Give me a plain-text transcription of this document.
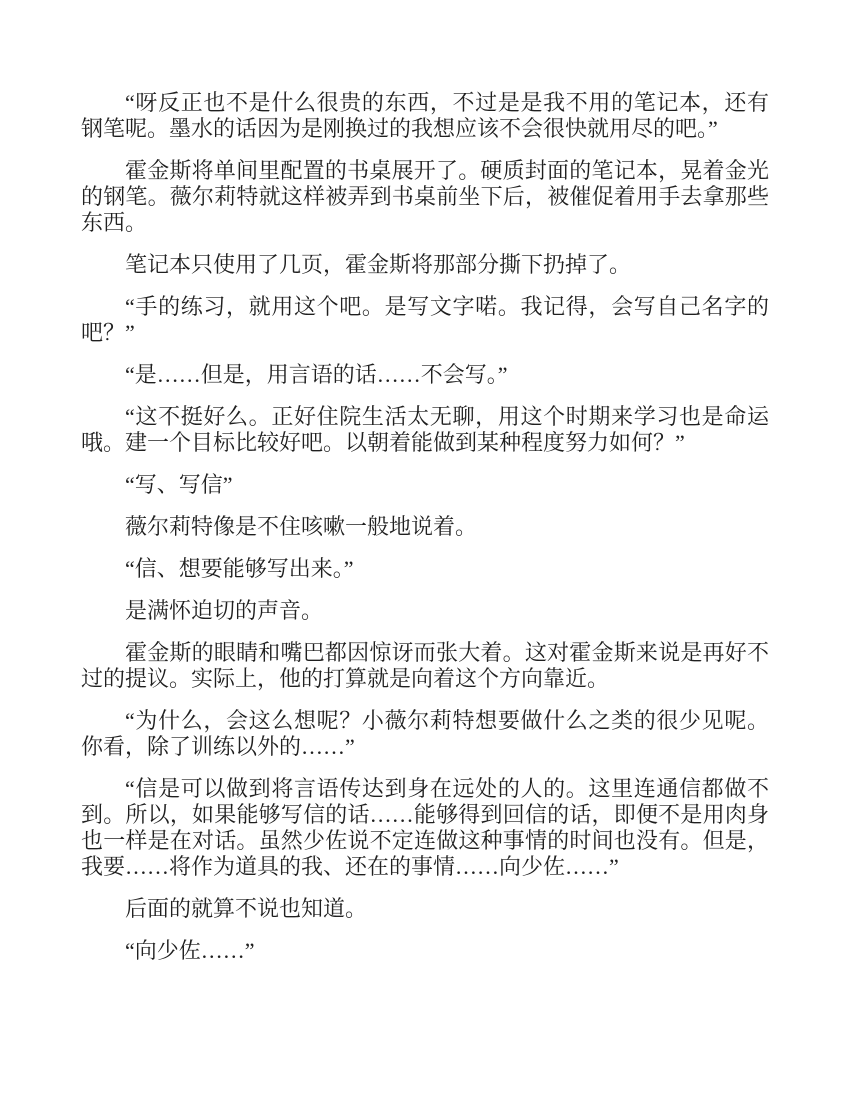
“呀反正也不是什么很贵的东西，不过是是我不用的笔记本，还有钢笔呢。墨水的话因为是刚换过的我想应该不会很快就用尽的吧。”

霍金斯将单间里配置的书桌展开了。硬质封面的笔记本，晃着金光的钢笔。薇尔莉特就这样被弄到书桌前坐下后，被催促着用手去拿那些东西。

笔记本只使用了几页，霍金斯将那部分撕下扔掉了。

“手的练习，就用这个吧。是写文字喏。我记得，会写自己名字的吧？”

“是……但是，用言语的话……不会写。”

“这不挺好么。正好住院生活太无聊，用这个时期来学习也是命运哦。建一个目标比较好吧。以朝着能做到某种程度努力如何？”

“写、写信”

薇尔莉特像是不住咳嗽一般地说着。

“信、想要能够写出来。”

是满怀迫切的声音。

霍金斯的眼睛和嘴巴都因惊讶而张大着。这对霍金斯来说是再好不过的提议。实际上，他的打算就是向着这个方向靠近。

“为什么，会这么想呢？小薇尔莉特想要做什么之类的很少见呢。你看，除了训练以外的……”

“信是可以做到将言语传达到身在远处的人的。这里连通信都做不到。所以，如果能够写信的话……能够得到回信的话，即便不是用肉身也一样是在对话。虽然少佐说不定连做这种事情的时间也没有。但是，我要……将作为道具的我、还在的事情……向少佐……”

后面的就算不说也知道。

“向少佐……”
